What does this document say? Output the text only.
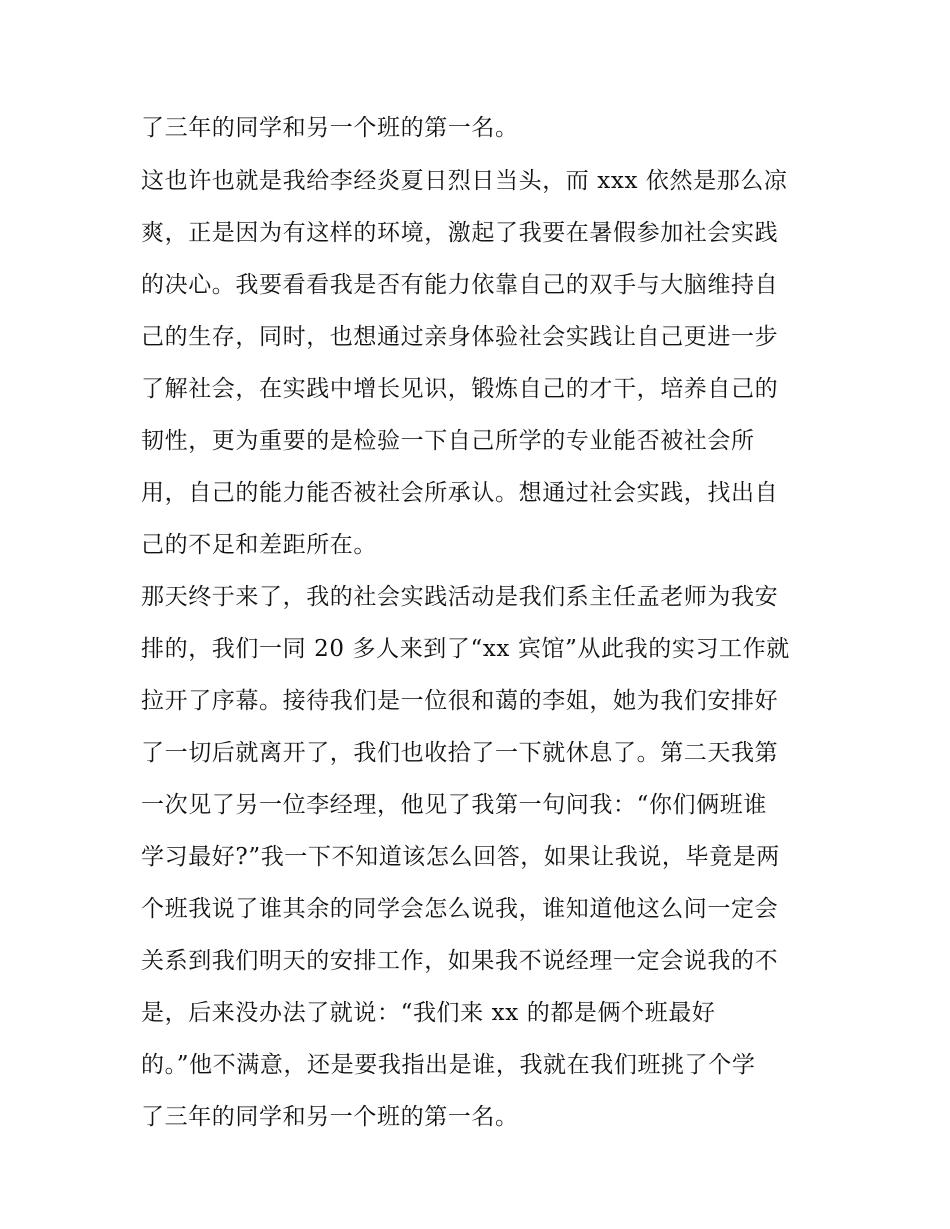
了三年的同学和另一个班的第一名。
这也许也就是我给李经炎夏日烈日当头，而 xxx 依然是那么凉
爽，正是因为有这样的环境，激起了我要在暑假参加社会实践
的决心。我要看看我是否有能力依靠自己的双手与大脑维持自
己的生存，同时，也想通过亲身体验社会实践让自己更进一步
了解社会，在实践中增长见识，锻炼自己的才干，培养自己的
韧性，更为重要的是检验一下自己所学的专业能否被社会所
用，自己的能力能否被社会所承认。想通过社会实践，找出自
己的不足和差距所在。
那天终于来了，我的社会实践活动是我们系主任孟老师为我安
排的，我们一同 20 多人来到了“xx 宾馆”从此我的实习工作就
拉开了序幕。接待我们是一位很和蔼的李姐，她为我们安排好
了一切后就离开了，我们也收拾了一下就休息了。第二天我第
一次见了另一位李经理，他见了我第一句问我：“你们俩班谁
学习最好?”我一下不知道该怎么回答，如果让我说，毕竟是两
个班我说了谁其余的同学会怎么说我，谁知道他这么问一定会
关系到我们明天的安排工作，如果我不说经理一定会说我的不
是，后来没办法了就说：“我们来 xx 的都是俩个班最好
的。”他不满意，还是要我指出是谁，我就在我们班挑了个学
了三年的同学和另一个班的第一名。
